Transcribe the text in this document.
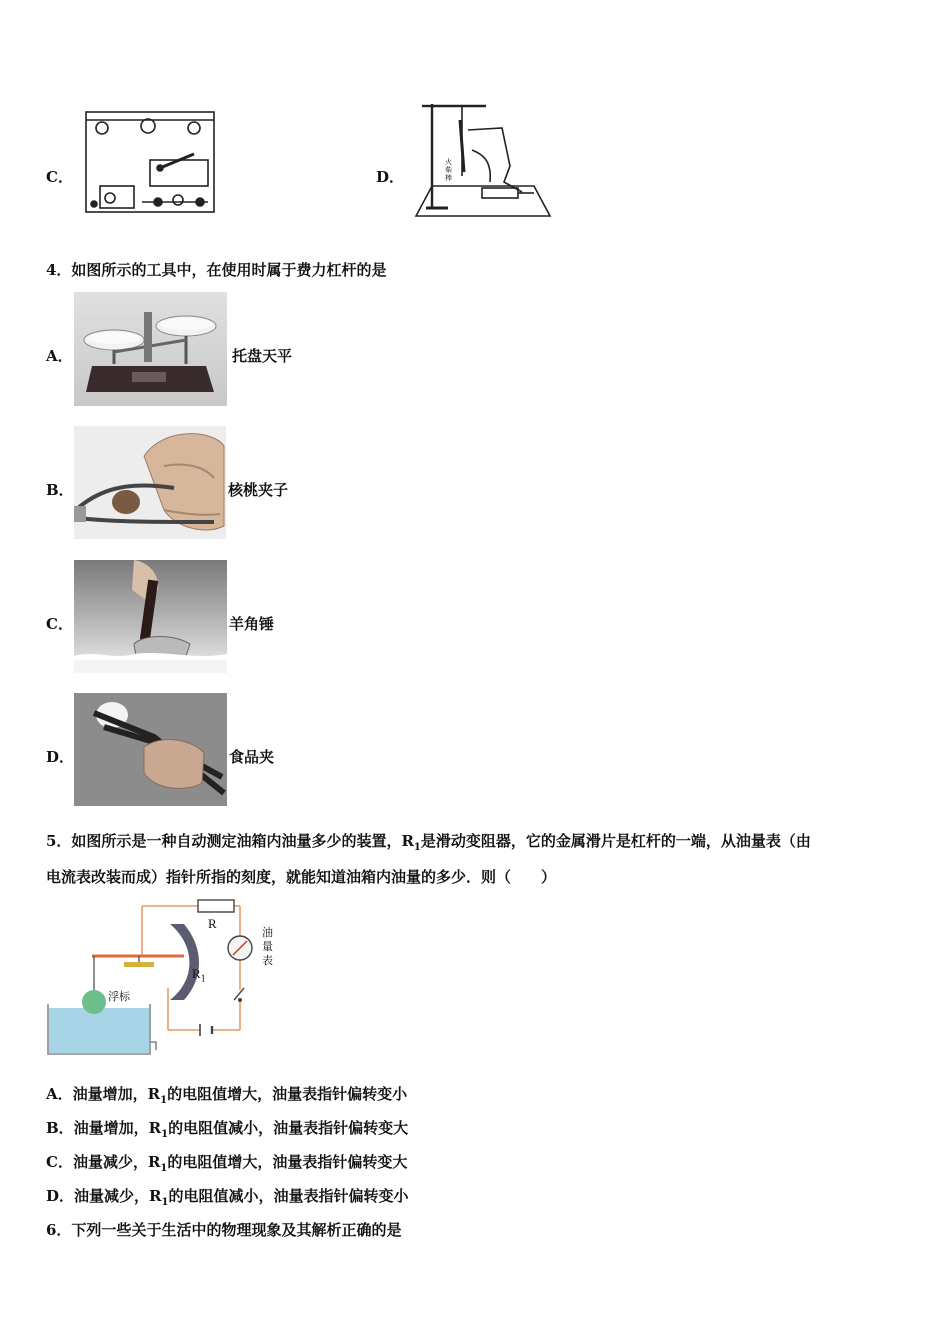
C．	D．
火 柴 棒
4．如图所示的工具中，在使用时属于费力杠杆的是
A．	托盘天平
B．	核桃夹子
C．	羊角锤
D．	食品夹
5．如图所示是一种自动测定油箱内油量多少的装置，$R_1$是滑动变阻器，它的金属滑片是杠杆的一端，从油量表（由
电流表改装而成）指针所指的刻度，就能知道油箱内油量的多少．则（　　）
R
$R_1$
浮标
油
量
表
A．油量增加，$R_1$的电阻值增大，油量表指针偏转变小
B．油量增加，$R_1$的电阻值减小，油量表指针偏转变大
C．油量减少，$R_1$的电阻值增大，油量表指针偏转变大
D．油量减少，$R_1$的电阻值减小，油量表指针偏转变小
6．下列一些关于生活中的物理现象及其解析正确的是
